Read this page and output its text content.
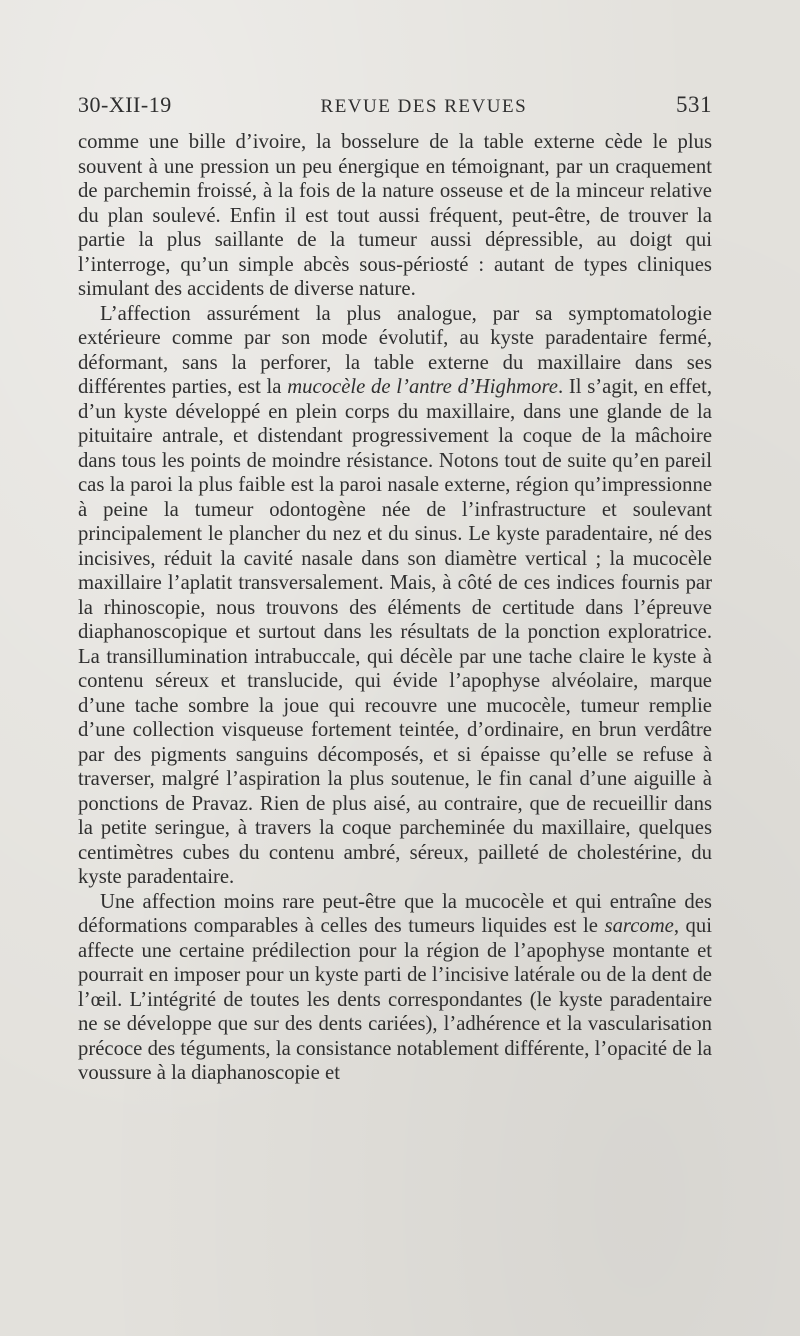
30-XII-19	REVUE DES REVUES	531

comme une bille d’ivoire, la bosselure de la table externe cède le plus souvent à une pression un peu énergique en témoignant, par un craquement de parchemin froissé, à la fois de la nature osseuse et de la minceur relative du plan soulevé. Enfin il est tout aussi fréquent, peut-être, de trouver la partie la plus saillante de la tumeur aussi dépressible, au doigt qui l’interroge, qu’un simple abcès sous-périosté : autant de types cliniques simulant des accidents de diverse nature.

L’affection assurément la plus analogue, par sa symptomatologie extérieure comme par son mode évolutif, au kyste paradentaire fermé, déformant, sans la perforer, la table externe du maxillaire dans ses différentes parties, est la mucocèle de l’antre d’Highmore. Il s’agit, en effet, d’un kyste développé en plein corps du maxillaire, dans une glande de la pituitaire antrale, et distendant progressivement la coque de la mâchoire dans tous les points de moindre résistance. Notons tout de suite qu’en pareil cas la paroi la plus faible est la paroi nasale externe, région qu’impressionne à peine la tumeur odontogène née de l’infrastructure et soulevant principalement le plancher du nez et du sinus. Le kyste paradentaire, né des incisives, réduit la cavité nasale dans son diamètre vertical ; la mucocèle maxillaire l’aplatit transversalement. Mais, à côté de ces indices fournis par la rhinoscopie, nous trouvons des éléments de certitude dans l’épreuve diaphanoscopique et surtout dans les résultats de la ponction exploratrice. La transillumination intrabuccale, qui décèle par une tache claire le kyste à contenu séreux et translucide, qui évide l’apophyse alvéolaire, marque d’une tache sombre la joue qui recouvre une mucocèle, tumeur remplie d’une collection visqueuse fortement teintée, d’ordinaire, en brun verdâtre par des pigments sanguins décomposés, et si épaisse qu’elle se refuse à traverser, malgré l’aspiration la plus soutenue, le fin canal d’une aiguille à ponctions de Pravaz. Rien de plus aisé, au contraire, que de recueillir dans la petite seringue, à travers la coque parcheminée du maxillaire, quelques centimètres cubes du contenu ambré, séreux, pailleté de cholestérine, du kyste paradentaire.

Une affection moins rare peut-être que la mucocèle et qui entraîne des déformations comparables à celles des tumeurs liquides est le sarcome, qui affecte une certaine prédilection pour la région de l’apophyse montante et pourrait en imposer pour un kyste parti de l’incisive latérale ou de la dent de l’œil. L’intégrité de toutes les dents correspondantes (le kyste paradentaire ne se développe que sur des dents cariées), l’adhérence et la vascularisation précoce des téguments, la consistance notablement différente, l’opacité de la voussure à la diaphanoscopie et
